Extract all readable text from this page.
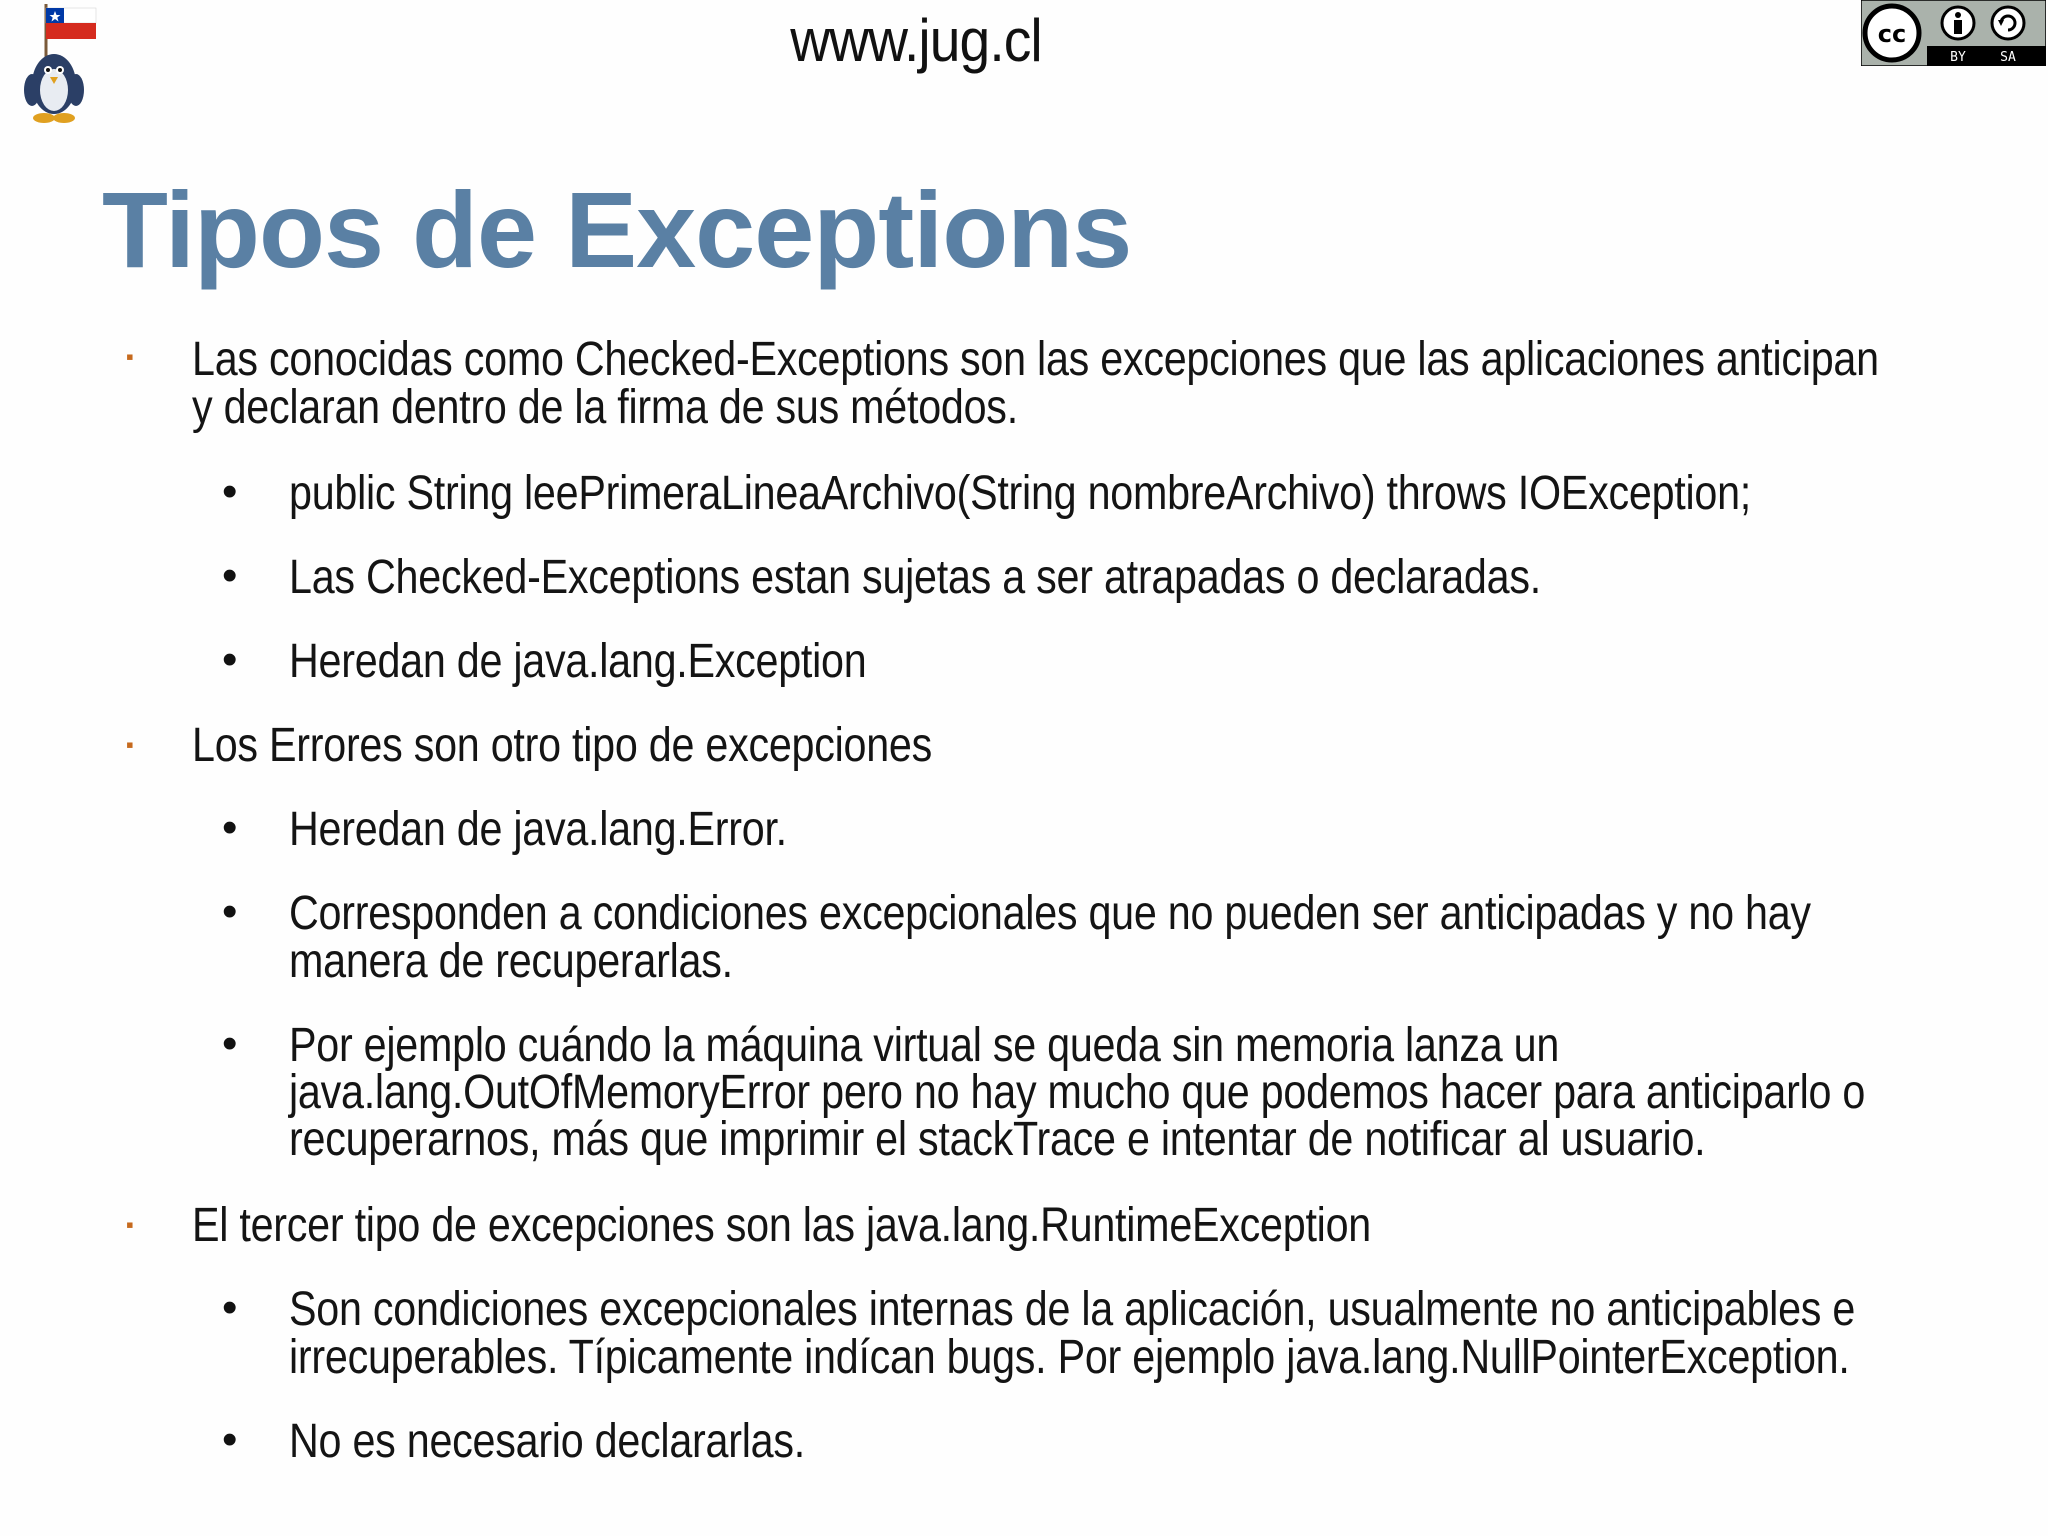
www.jug.cl	cc
BY	SA
Tipos de Exceptions
▪ Las conocidas como Checked-Exceptions son las excepciones que las aplicaciones anticipan
y declaran dentro de la firma de sus métodos.
• public String leePrimeraLineaArchivo(String nombreArchivo) throws IOException;
• Las Checked-Exceptions estan sujetas a ser atrapadas o declaradas.
• Heredan de java.lang.Exception
▪ Los Errores son otro tipo de excepciones
• Heredan de java.lang.Error.
• Corresponden a condiciones excepcionales que no pueden ser anticipadas y no hay
manera de recuperarlas.
• Por ejemplo cuándo la máquina virtual se queda sin memoria lanza un
java.lang.OutOfMemoryError pero no hay mucho que podemos hacer para anticiparlo o
recuperarnos, más que imprimir el stackTrace e intentar de notificar al usuario.
▪ El tercer tipo de excepciones son las java.lang.RuntimeException
• Son condiciones excepcionales internas de la aplicación, usualmente no anticipables e
irrecuperables. Típicamente indícan bugs. Por ejemplo java.lang.NullPointerException.
• No es necesario declararlas.
